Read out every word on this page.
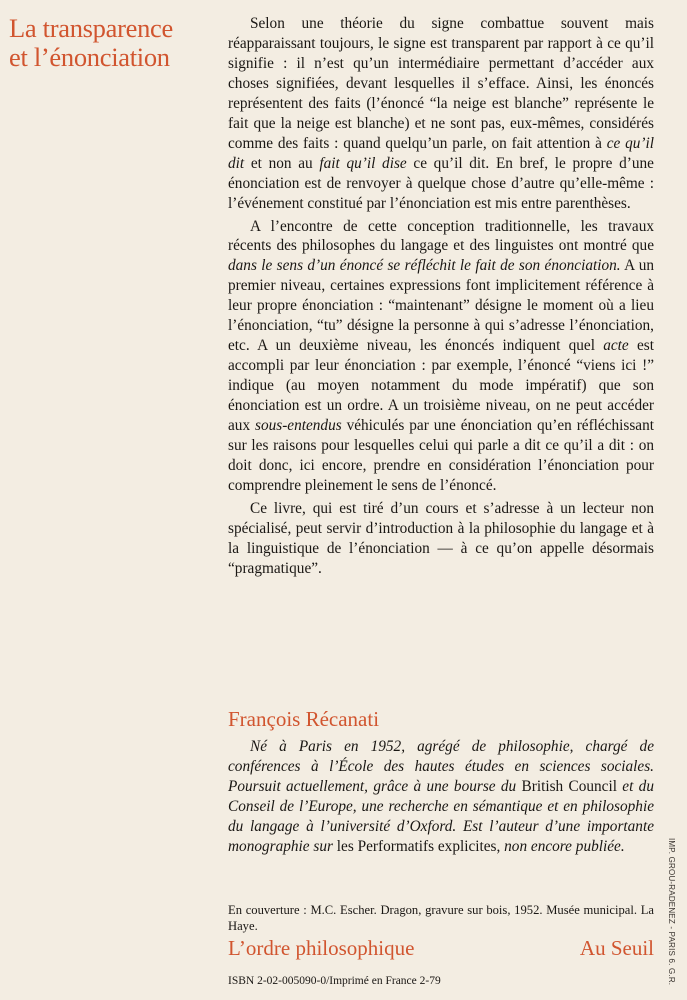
La transparence
et l’énonciation

Selon une théorie du signe combattue souvent mais réapparaissant toujours, le signe est transparent par rapport à ce qu’il signifie : il n’est qu’un intermédiaire permettant d’accéder aux choses signifiées, devant lesquelles il s’efface. Ainsi, les énoncés représentent des faits (l’énoncé “la neige est blanche” représente le fait que la neige est blanche) et ne sont pas, eux-mêmes, considérés comme des faits : quand quelqu’un parle, on fait attention à ce qu’il dit et non au fait qu’il dise ce qu’il dit. En bref, le propre d’une énonciation est de renvoyer à quelque chose d’autre qu’elle-même : l’événement constitué par l’énonciation est mis entre parenthèses.

A l’encontre de cette conception traditionnelle, les travaux récents des philosophes du langage et des linguistes ont montré que dans le sens d’un énoncé se réfléchit le fait de son énonciation. A un premier niveau, certaines expressions font implicitement référence à leur propre énonciation : “maintenant” désigne le moment où a lieu l’énonciation, “tu” désigne la personne à qui s’adresse l’énonciation, etc. A un deuxième niveau, les énoncés indiquent quel acte est accompli par leur énonciation : par exemple, l’énoncé “viens ici !” indique (au moyen notamment du mode impératif) que son énonciation est un ordre. A un troisième niveau, on ne peut accéder aux sous-entendus véhiculés par une énonciation qu’en réfléchissant sur les raisons pour lesquelles celui qui parle a dit ce qu’il a dit : on doit donc, ici encore, prendre en considération l’énonciation pour comprendre pleinement le sens de l’énoncé.

Ce livre, qui est tiré d’un cours et s’adresse à un lecteur non spécialisé, peut servir d’introduction à la philosophie du langage et à la linguistique de l’énonciation — à ce qu’on appelle désormais “pragmatique”.

François Récanati

Né à Paris en 1952, agrégé de philosophie, chargé de conférences à l’École des hautes études en sciences sociales. Poursuit actuellement, grâce à une bourse du British Council et du Conseil de l’Europe, une recherche en sémantique et en philosophie du langage à l’université d’Oxford. Est l’auteur d’une importante monographie sur les Performatifs explicites, non encore publiée.

En couverture : M.C. Escher. Dragon, gravure sur bois, 1952. Musée municipal. La Haye.
L’ordre philosophique	Au Seuil
ISBN 2-02-005090-0/Imprimé en France 2-79	IMP. GROU-RADENEZ - PARIS 6. G.R.
